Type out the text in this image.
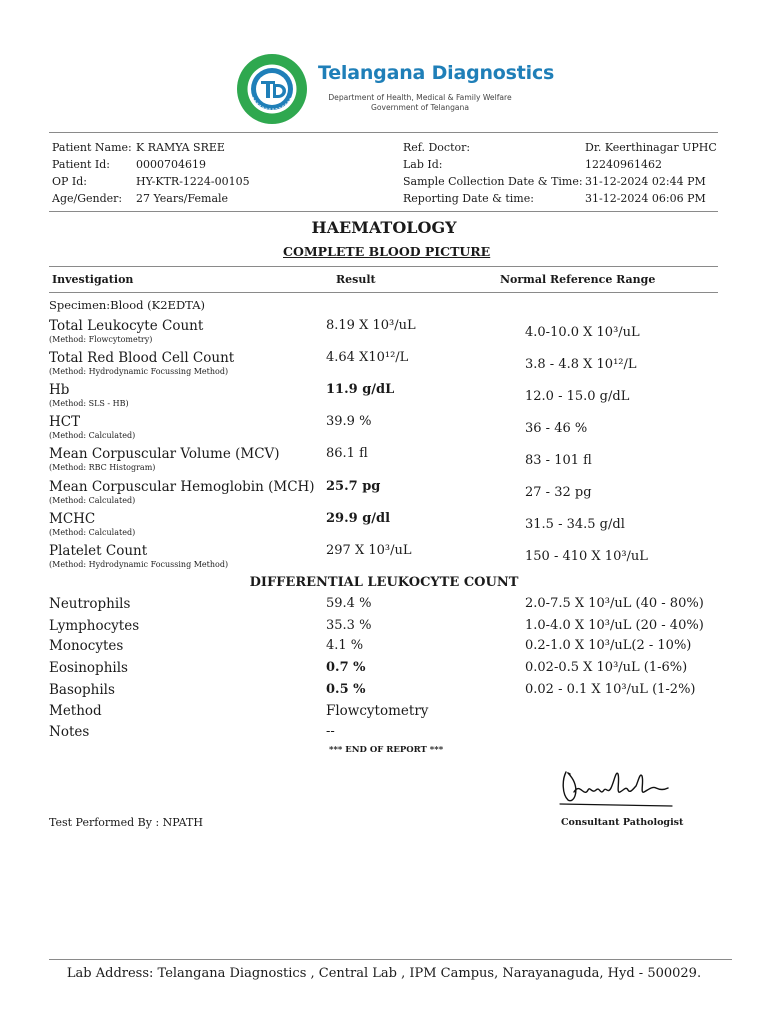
Telangana Diagnostics
Department of Health, Medical & Family Welfare
Government of Telangana
Patient Name: K RAMYA SREE
Patient Id: 0000704619
OP Id:	HY-KTR-1224-00105
Age/Gender: 27 Years/Female
Ref. Doctor:	Dr. Keerthinagar UPHC
Lab Id:	12240961462
Sample Collection Date & Time: 31-12-2024 02:44 PM
Reporting Date & time:	31-12-2024 06:06 PM
HAEMATOLOGY
COMPLETE BLOOD PICTURE
Investigation	Result	Normal Reference Range
Specimen:Blood (K2EDTA)
Total Leukocyte Count
(Method: Flowcytometry)
8.19 X 10³/uL	4.0-10.0 X 10³/uL
Total Red Blood Cell Count
(Method: Hydrodynamic Focussing Method)
4.64 X10¹²/L	3.8 - 4.8 X 10¹²/L
Hb
(Method: SLS - HB)
11.9 g/dL	12.0 - 15.0 g/dL
HCT
(Method: Calculated)
39.9 %	36 - 46 %
Mean Corpuscular Volume (MCV)
(Method: RBC Histogram)
86.1 fl	83 - 101 fl
Mean Corpuscular Hemoglobin (MCH)
(Method: Calculated)
25.7 pg	27 - 32 pg
MCHC
(Method: Calculated)
29.9 g/dl	31.5 - 34.5 g/dl
Platelet Count
(Method: Hydrodynamic Focussing Method)
297 X 10³/uL	150 - 410 X 10³/uL
DIFFERENTIAL LEUKOCYTE COUNT
Neutrophils	59.4 %	2.0-7.5 X 10³/uL (40 - 80%)
Lymphocytes	35.3 %	1.0-4.0 X 10³/uL (20 - 40%)
Monocytes	4.1 %	0.2-1.0 X 10³/uL(2 - 10%)
Eosinophils	0.7 %	0.02-0.5 X 10³/uL (1-6%)
Basophils	0.5 %	0.02 - 0.1 X 10³/uL (1-2%)
Method	Flowcytometry
Notes	--
*** END OF REPORT ***
Consultant Pathologist
Test Performed By : NPATH
Lab Address: Telangana Diagnostics , Central Lab , IPM Campus, Narayanaguda, Hyd - 500029.
